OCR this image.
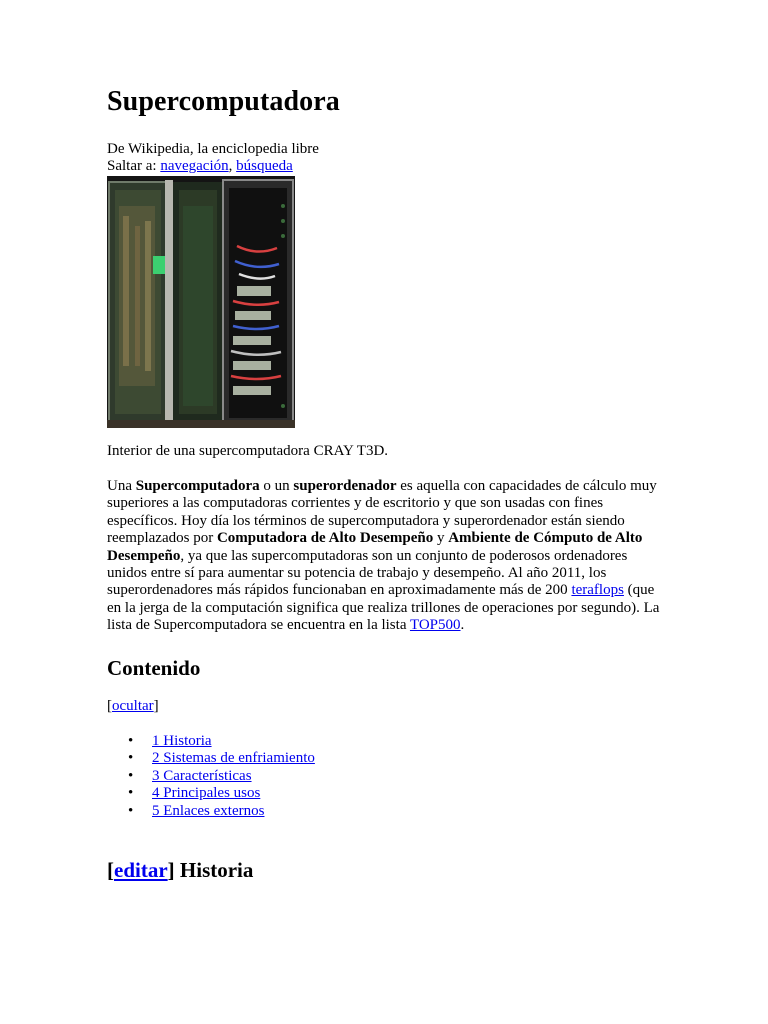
Supercomputadora
De Wikipedia, la enciclopedia libre
Saltar a: navegación, búsqueda
Interior de una supercomputadora CRAY T3D.

Una Supercomputadora o un superordenador es aquella con capacidades de cálculo muy superiores a las computadoras corrientes y de escritorio y que son usadas con fines específicos. Hoy día los términos de supercomputadora y superordenador están siendo reemplazados por Computadora de Alto Desempeño y Ambiente de Cómputo de Alto Desempeño, ya que las supercomputadoras son un conjunto de poderosos ordenadores unidos entre sí para aumentar su potencia de trabajo y desempeño. Al año 2011, los superordenadores más rápidos funcionaban en aproximadamente más de 200 teraflops (que en la jerga de la computación significa que realiza trillones de operaciones por segundo). La lista de Supercomputadora se encuentra en la lista TOP500.

Contenido
[ocultar]
• 1 Historia
• 2 Sistemas de enfriamiento
• 3 Características
• 4 Principales usos
• 5 Enlaces externos
[editar] Historia
